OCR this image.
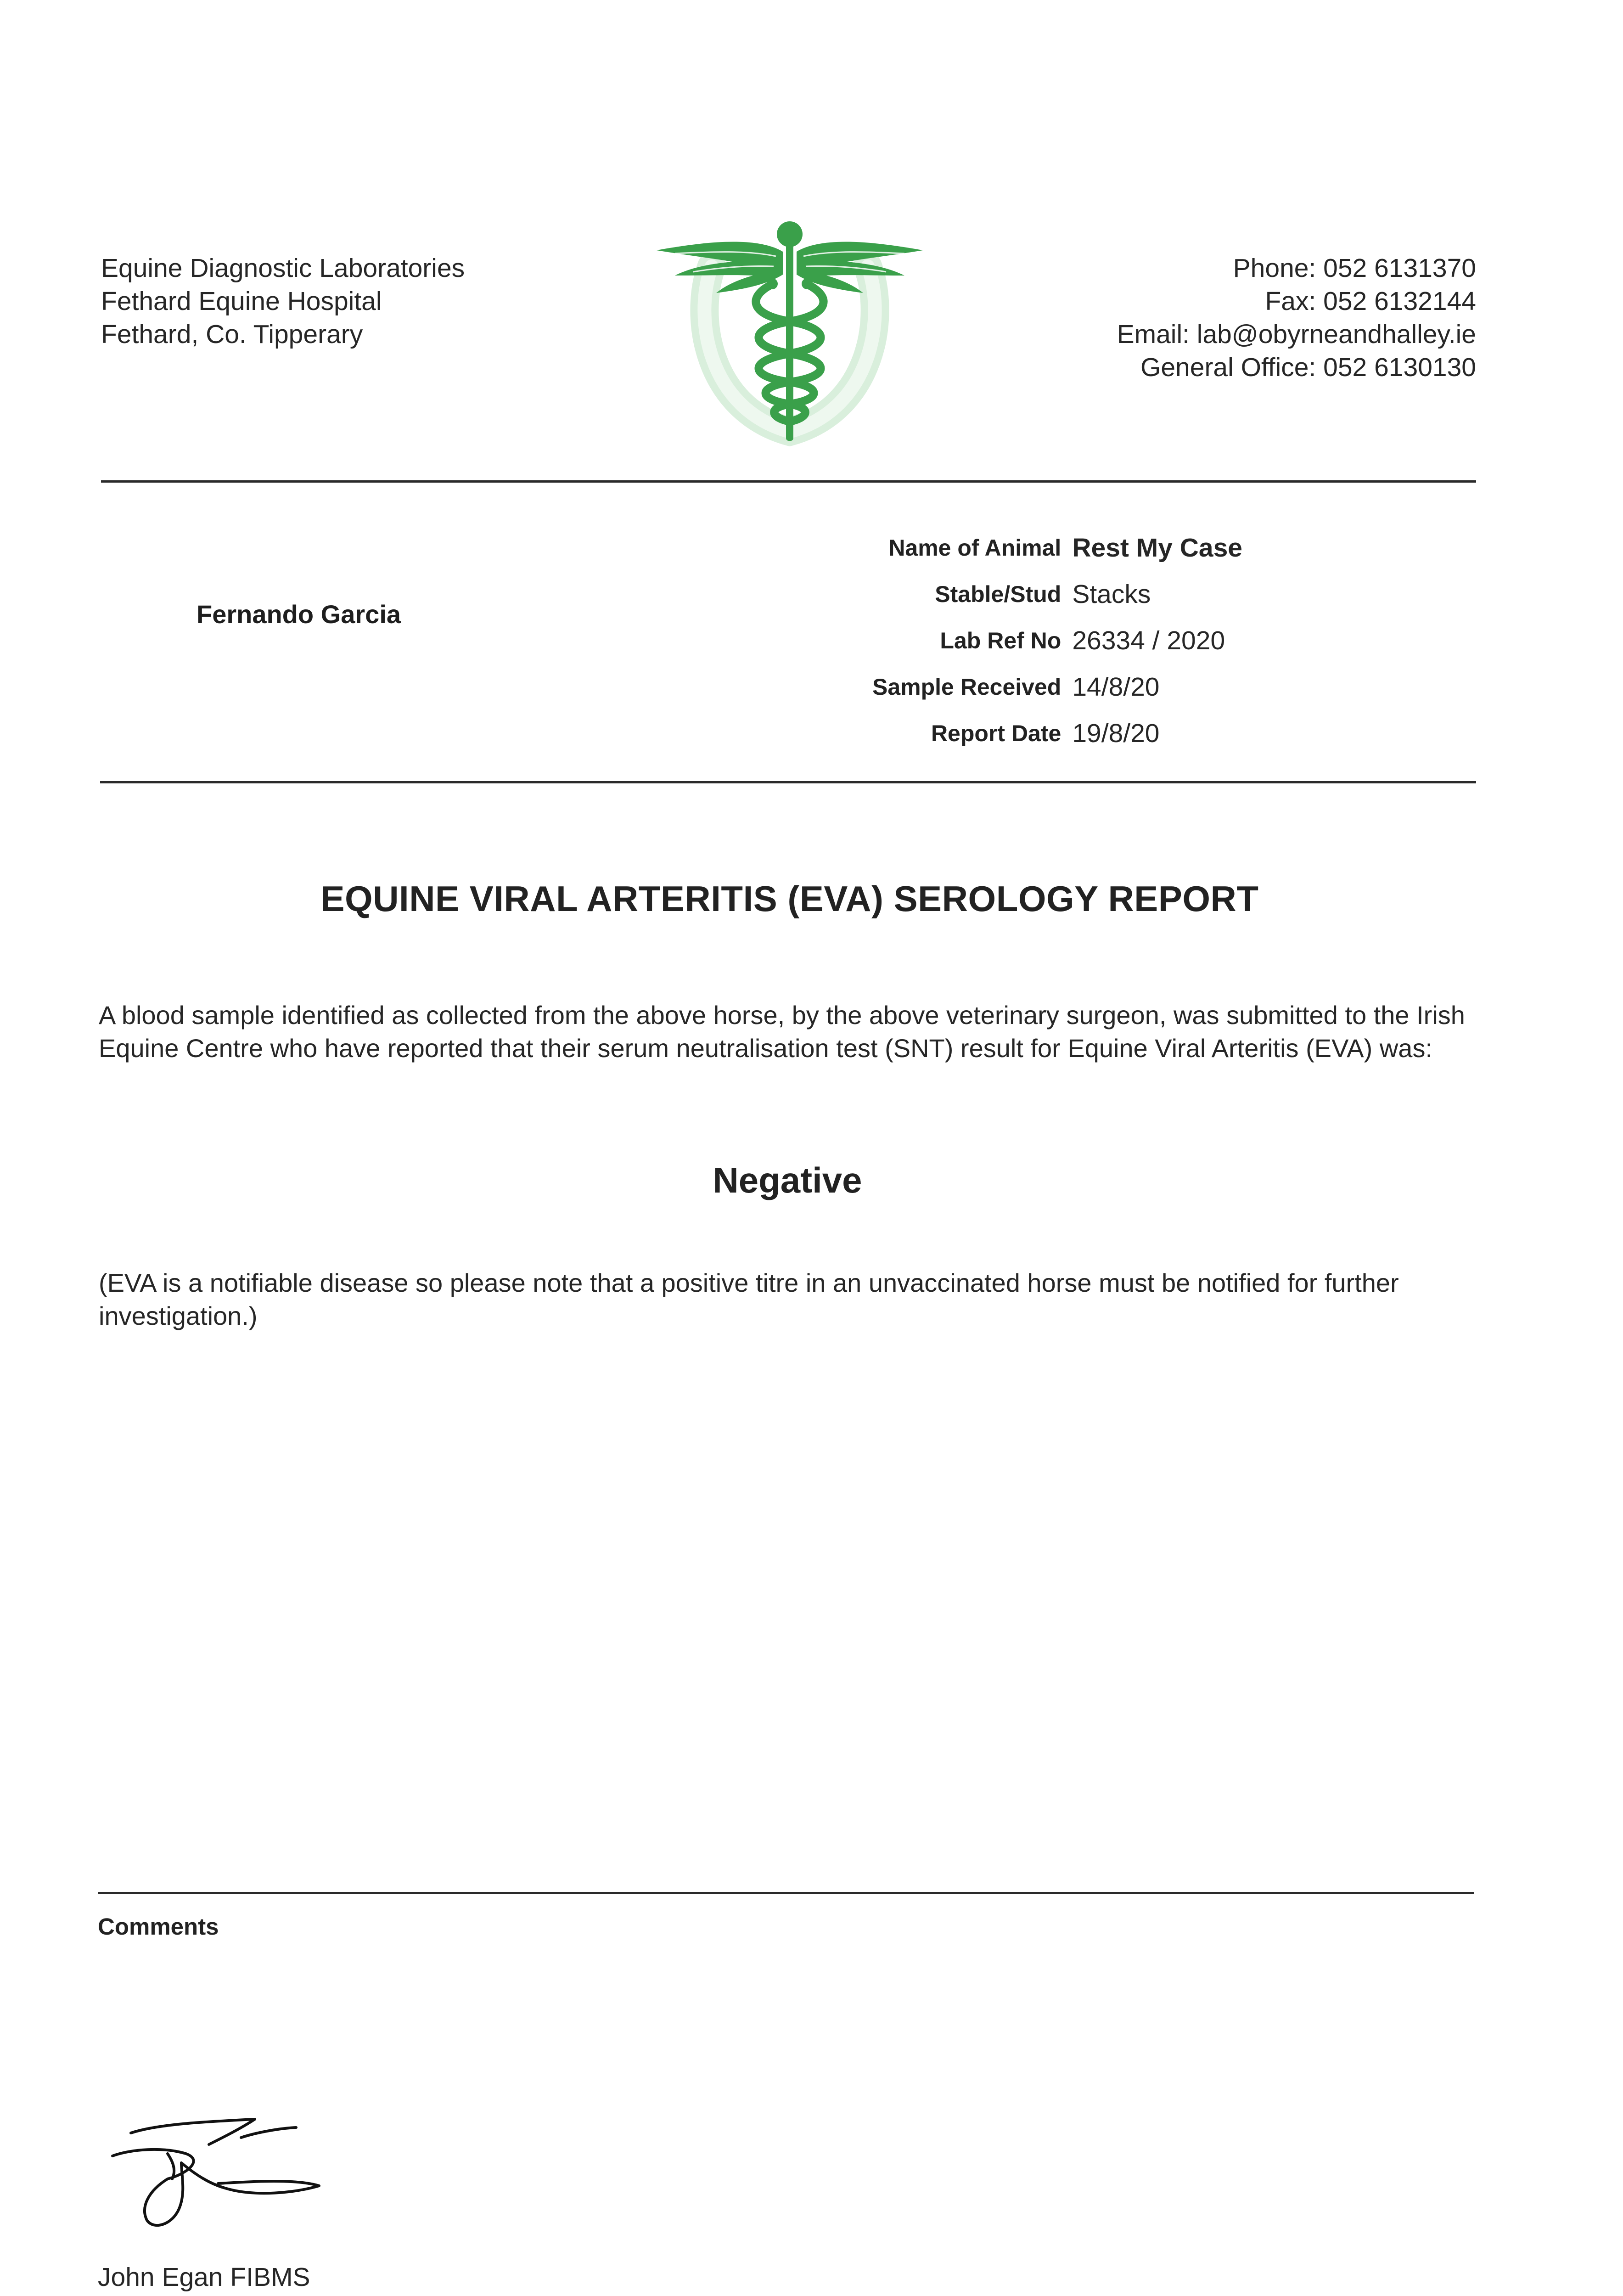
Equine Diagnostic Laboratories
Fethard Equine Hospital
Fethard, Co. Tipperary
Phone: 052 6131370
Fax: 052 6132144
Email: lab@obyrneandhalley.ie
General Office: 052 6130130
Fernando Garcia
Name of Animal	Rest My Case
Stable/Stud	Stacks
Lab Ref No	26334 / 2020
Sample Received	14/8/20
Report Date	19/8/20
EQUINE VIRAL ARTERITIS (EVA) SEROLOGY REPORT
A blood sample identified as collected from the above horse, by the above veterinary surgeon, was submitted to the Irish Equine Centre who have reported that their serum neutralisation test (SNT) result for Equine Viral Arteritis (EVA) was:
Negative
(EVA is a notifiable disease so please note that a positive titre in an unvaccinated horse must be notified for further investigation.)
Comments
John Egan FIBMS
